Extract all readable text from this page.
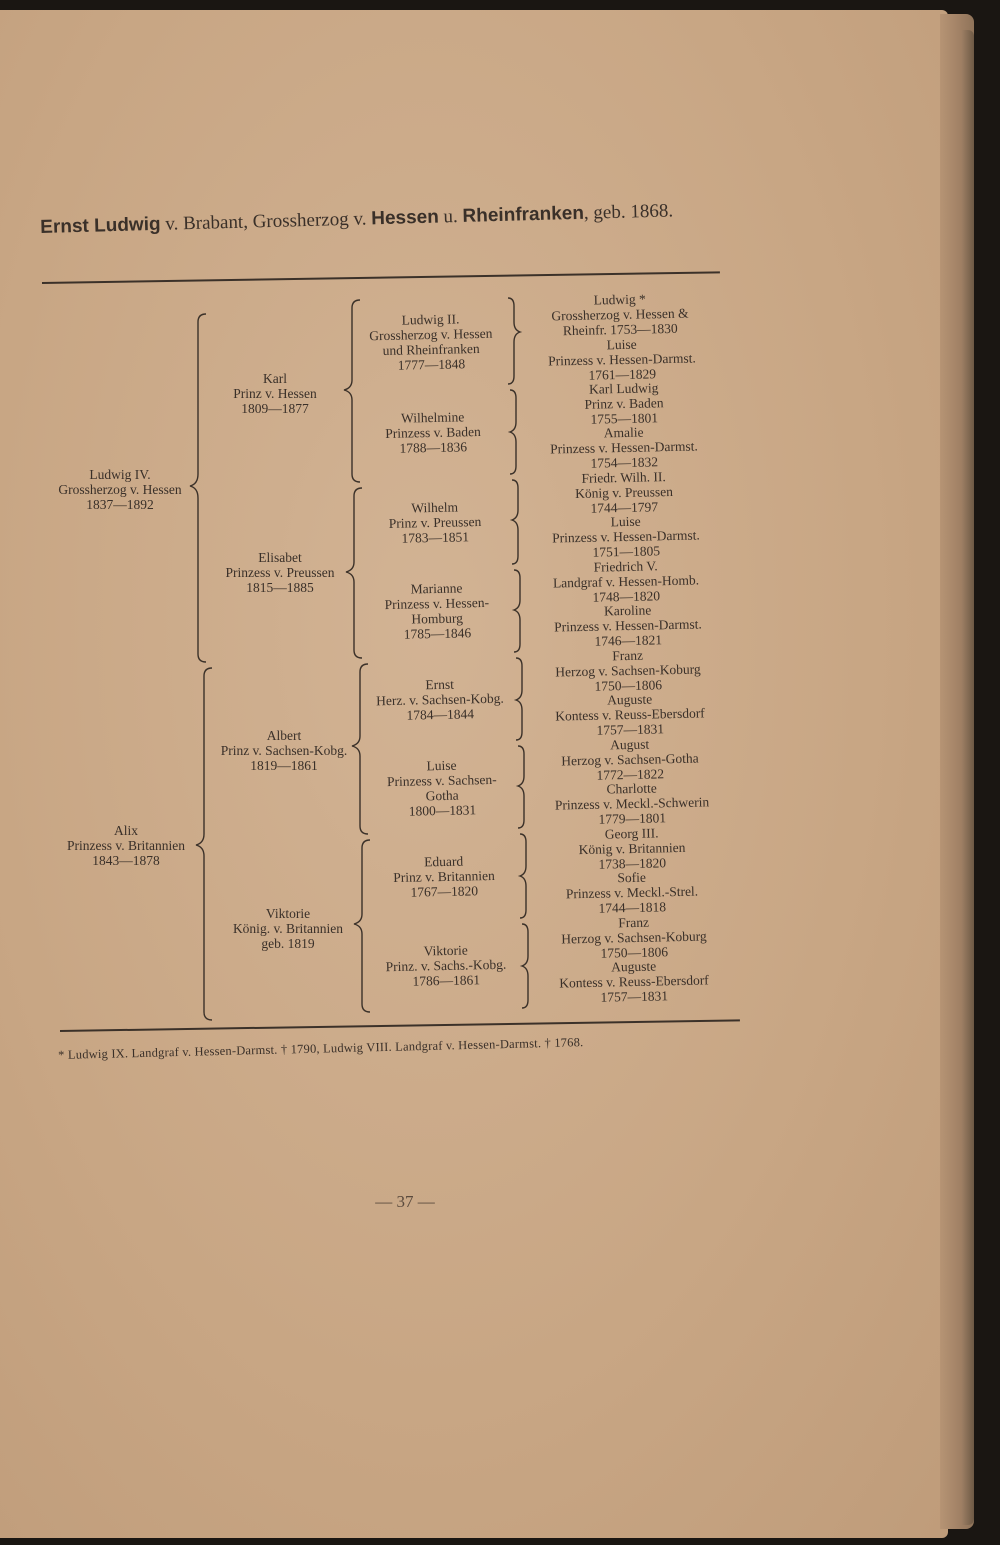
Ernst Ludwig v. Brabant, Grossherzog v. Hessen u. Rheinfranken, geb. 1868.
Ludwig IV.
Grossherzog v. Hessen
1837—1892
Alix
Prinzess v. Britannien
1843—1878
Karl
Prinz v. Hessen
1809—1877
Elisabet
Prinzess v. Preussen
1815—1885
Albert
Prinz v. Sachsen-Kobg.
1819—1861
Viktorie
König. v. Britannien
geb. 1819
Ludwig II.
Grossherzog v. Hessen
und Rheinfranken
1777—1848
Wilhelmine
Prinzess v. Baden
1788—1836
Wilhelm
Prinz v. Preussen
1783—1851
Marianne
Prinzess v. Hessen-
Homburg
1785—1846
Ernst
Herz. v. Sachsen-Kobg.
1784—1844
Luise
Prinzess v. Sachsen-
Gotha
1800—1831
Eduard
Prinz v. Britannien
1767—1820
Viktorie
Prinz. v. Sachs.-Kobg.
1786—1861
Ludwig *
Grossherzog v. Hessen &
Rheinfr. 1753—1830
Luise
Prinzess v. Hessen-Darmst.
1761—1829
Karl Ludwig
Prinz v. Baden
1755—1801
Amalie
Prinzess v. Hessen-Darmst.
1754—1832
Friedr. Wilh. II.
König v. Preussen
1744—1797
Luise
Prinzess v. Hessen-Darmst.
1751—1805
Friedrich V.
Landgraf v. Hessen-Homb.
1748—1820
Karoline
Prinzess v. Hessen-Darmst.
1746—1821
Franz
Herzog v. Sachsen-Koburg
1750—1806
Auguste
Kontess v. Reuss-Ebersdorf
1757—1831
August
Herzog v. Sachsen-Gotha
1772—1822
Charlotte
Prinzess v. Meckl.-Schwerin
1779—1801
Georg III.
König v. Britannien
1738—1820
Sofie
Prinzess v. Meckl.-Strel.
1744—1818
Franz
Herzog v. Sachsen-Koburg
1750—1806
Auguste
Kontess v. Reuss-Ebersdorf
1757—1831
* Ludwig IX. Landgraf v. Hessen-Darmst. † 1790, Ludwig VIII. Landgraf v. Hessen-Darmst. † 1768.
— 37 —
